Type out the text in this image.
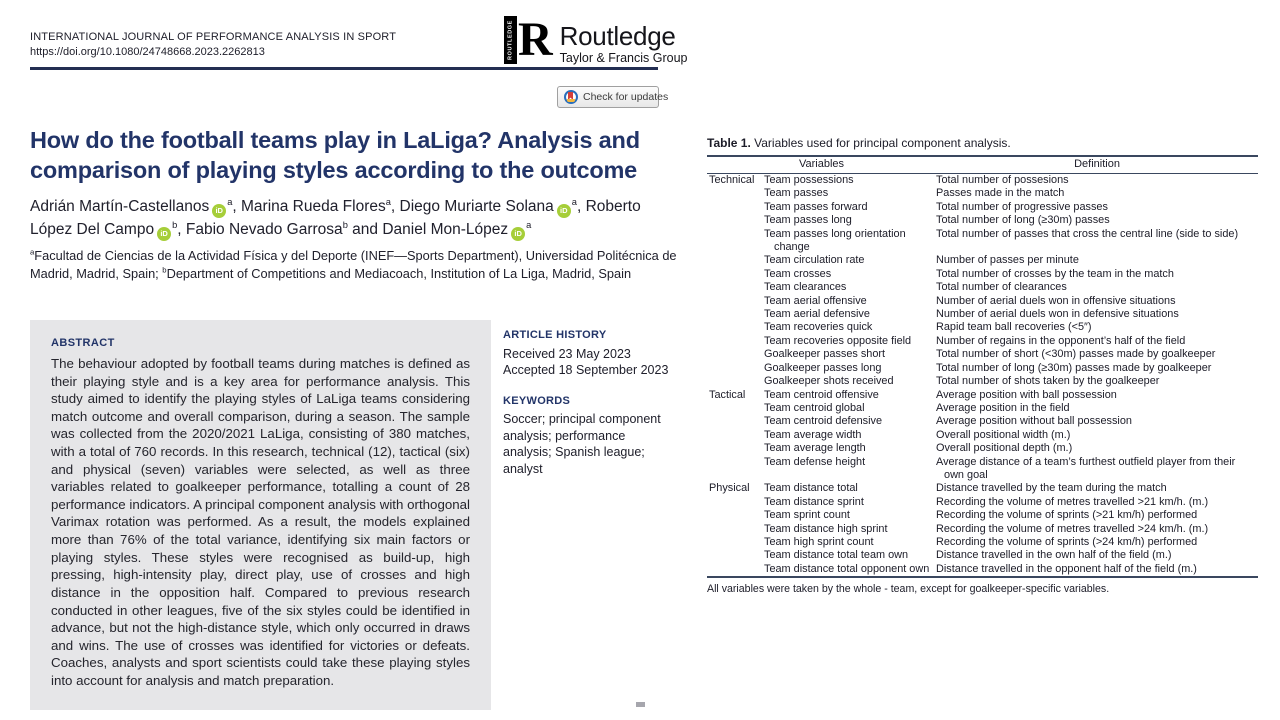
INTERNATIONAL JOURNAL OF PERFORMANCE ANALYSIS IN SPORT
https://doi.org/10.1080/24748668.2023.2262813	ROUTLEDGE R Routledge
Taylor & Francis Group
Check for updates
How do the football teams play in LaLiga? Analysis and comparison of playing styles according to the outcome
Adrián Martín-Castellanos $iD^a$, Marina Rueda Flores$^a$, Diego Muriarte Solana $iD^a$, Roberto López Del Campo $iD^b$, Fabio Nevado Garrosa$^b$ and Daniel Mon-López $iD^a$
$^a$Facultad de Ciencias de la Actividad Física y del Deporte (INEF—Sports Department), Universidad Politécnica de Madrid, Madrid, Spain; $^b$Department of Competitions and Mediacoach, Institution of La Liga, Madrid, Spain
ABSTRACT
The behaviour adopted by football teams during matches is defined as their playing style and is a key area for performance analysis. This study aimed to identify the playing styles of LaLiga teams considering match outcome and overall comparison, during a season. The sample was collected from the 2020/2021 LaLiga, consisting of 380 matches, with a total of 760 records. In this research, technical (12), tactical (six) and physical (seven) variables were selected, as well as three variables related to goalkeeper performance, totalling a count of 28 performance indicators. A principal component analysis with orthogonal Varimax rotation was performed. As a result, the models explained more than 76% of the total variance, identifying six main factors or playing styles. These styles were recognised as build-up, high pressing, high-intensity play, direct play, use of crosses and high distance in the opposition half. Compared to previous research conducted in other leagues, five of the six styles could be identified in advance, but not the high-distance style, which only occurred in draws and wins. The use of crosses was identified for victories or defeats. Coaches, analysts and sport scientists could take these playing styles into account for analysis and match preparation.
ARTICLE HISTORY
Received 23 May 2023
Accepted 18 September 2023
KEYWORDS
Soccer; principal component analysis; performance analysis; Spanish league; analyst
Table 1. Variables used for principal component analysis.
Variables		Definition
Technical	Team possessions	Total number of possesions
	Team passes	Passes made in the match
	Team passes forward	Total number of progressive passes
	Team passes long	Total number of long (≥30m) passes
	Team passes long orientation change	Total number of passes that cross the central line (side to side)
	Team circulation rate	Number of passes per minute
	Team crosses	Total number of crosses by the team in the match
	Team clearances	Total number of clearances
	Team aerial offensive	Number of aerial duels won in offensive situations
	Team aerial defensive	Number of aerial duels won in defensive situations
	Team recoveries quick	Rapid team ball recoveries (<5″)
	Team recoveries opposite field	Number of regains in the opponent’s half of the field
	Goalkeeper passes short	Total number of short (<30m) passes made by goalkeeper
	Goalkeeper passes long	Total number of long (≥30m) passes made by goalkeeper
	Goalkeeper shots received	Total number of shots taken by the goalkeeper
Tactical	Team centroid offensive	Average position with ball possession
	Team centroid global	Average position in the field
	Team centroid defensive	Average position without ball possession
	Team average width	Overall positional width (m.)
	Team average length	Overall positional depth (m.)
	Team defense height	Average distance of a team’s furthest outfield player from their own goal
Physical	Team distance total	Distance travelled by the team during the match
	Team distance sprint	Recording the volume of metres travelled >21 km/h. (m.)
	Team sprint count	Recording the volume of sprints (>21 km/h) performed
	Team distance high sprint	Recording the volume of metres travelled >24 km/h. (m.)
	Team high sprint count	Recording the volume of sprints (>24 km/h) performed
	Team distance total team own	Distance travelled in the own half of the field (m.)
	Team distance total opponent own	Distance travelled in the opponent half of the field (m.)
All variables were taken by the whole - team, except for goalkeeper-specific variables.
